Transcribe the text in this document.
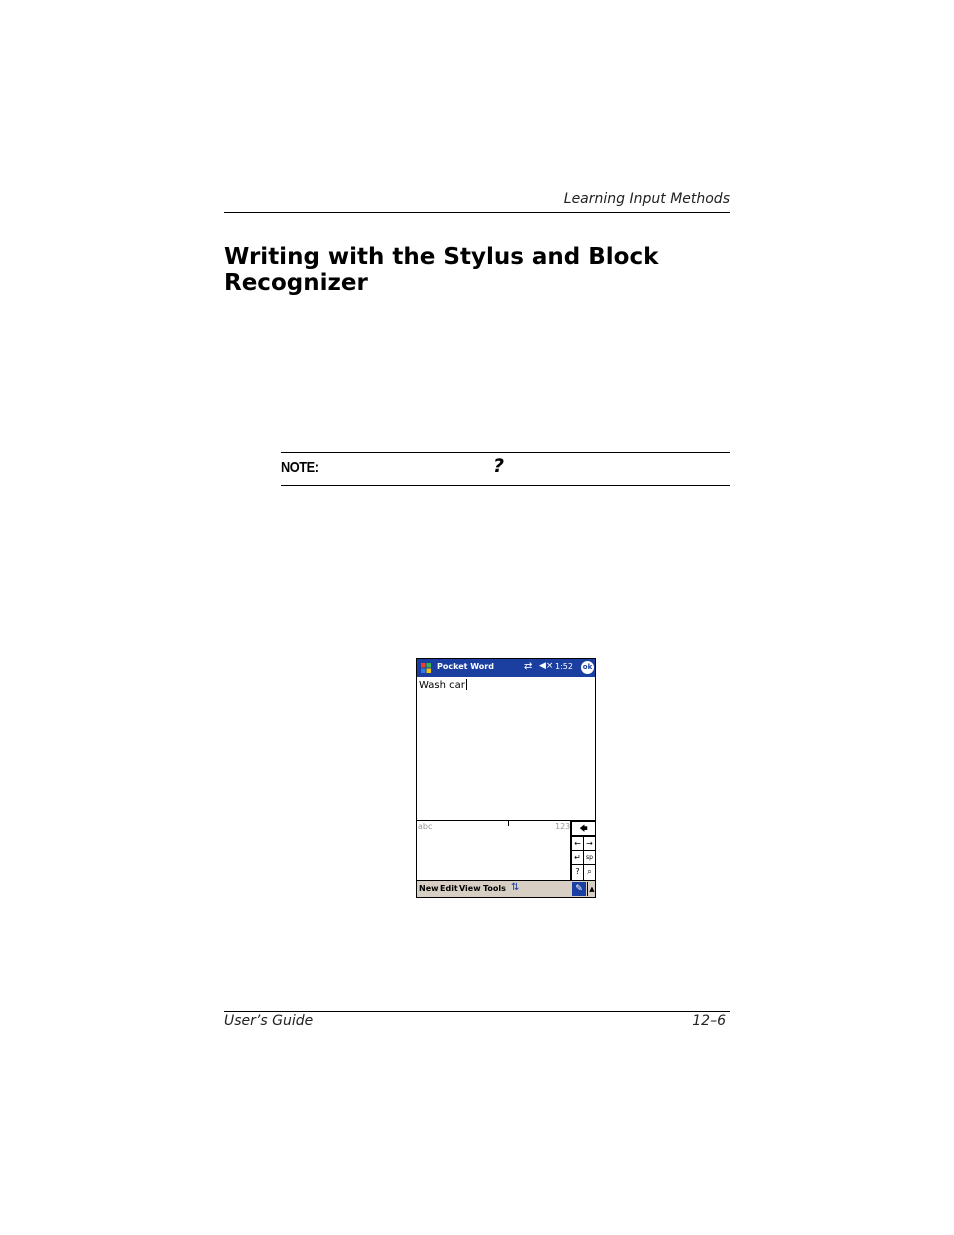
Learning Input Methods
Writing with the Stylus and Block
Recognizer
NOTE:	?
Pocket Word	⇄ ◀× 1:52 ok
Wash car
abc	123	🡄
← →
↵ sp
? ⌕
New Edit View Tools ⇅	✎ ▲
User’s Guide	12–6
